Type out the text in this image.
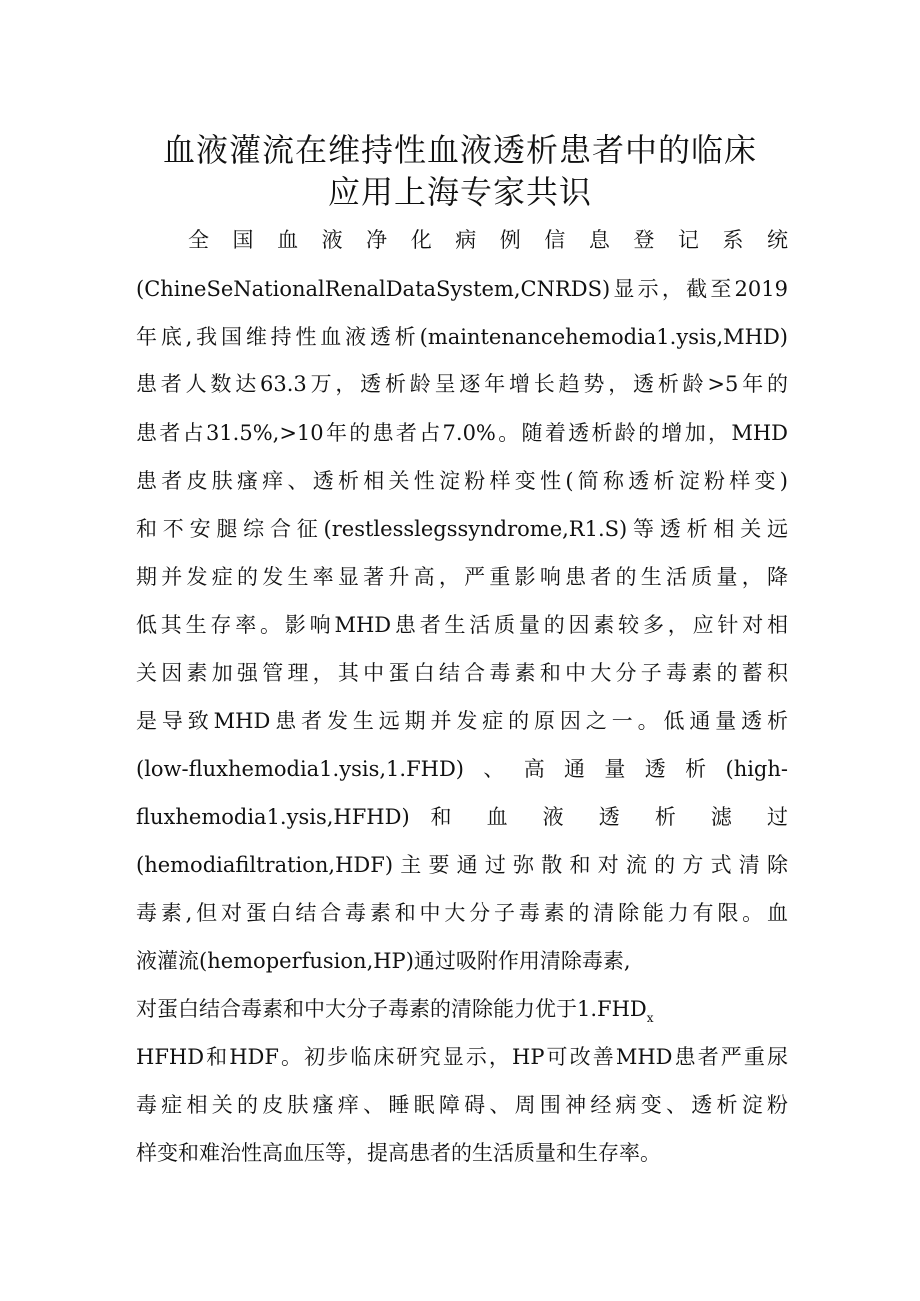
血液灌流在维持性血液透析患者中的临床
应用上海专家共识
全国血液净化病例信息登记系统
(ChineSeNationalRenalDataSystem,CNRDS)显示，截至2019
年底,我国维持性血液透析(maintenancehemodia1.ysis,MHD)
患者人数达63.3万，透析龄呈逐年增长趋势，透析龄>5年的
患者占31.5%,>10年的患者占7.0%。随着透析龄的增加，MHD
患者皮肤瘙痒、透析相关性淀粉样变性(简称透析淀粉样变)
和不安腿综合征(restlesslegssyndrome,R1.S)等透析相关远
期并发症的发生率显著升高，严重影响患者的生活质量，降
低其生存率。影响MHD患者生活质量的因素较多，应针对相
关因素加强管理，其中蛋白结合毒素和中大分子毒素的蓄积
是导致MHD患者发生远期并发症的原因之一。低通量透析
(low-fluxhemodia1.ysis,1.FHD)、高通量透析(high-
fluxhemodia1.ysis,HFHD) 和 血 液 透 析 滤 过
(hemodiafiltration,HDF)主要通过弥散和对流的方式清除
毒素,但对蛋白结合毒素和中大分子毒素的清除能力有限。血
液灌流(hemoperfusion,HP)通过吸附作用清除毒素,
对蛋白结合毒素和中大分子毒素的清除能力优于$1.FHD_x$
HFHD和HDF。初步临床研究显示，HP可改善MHD患者严重尿
毒症相关的皮肤瘙痒、睡眠障碍、周围神经病变、透析淀粉
样变和难治性高血压等，提高患者的生活质量和生存率。
